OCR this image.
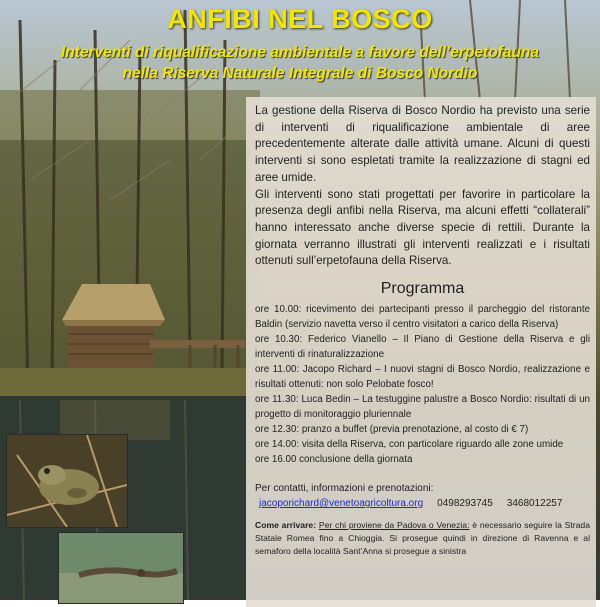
ANFIBI NEL BOSCO
Interventi di riqualificazione ambientale a favore dell’erpetofauna
nella Riserva Naturale Integrale di Bosco Nordio

La gestione della Riserva di Bosco Nordio ha previsto una serie di interventi di riqualificazione ambientale di aree precedentemente alterate dalle attività umane. Alcuni di questi interventi si sono espletati tramite la realizzazione di stagni ed aree umide.

Gli interventi sono stati progettati per favorire in particolare la presenza degli anfibi nella Riserva, ma alcuni effetti “collaterali” hanno interessato anche diverse specie di rettili. Durante la giornata verranno illustrati gli interventi realizzati e i risultati ottenuti sull’erpetofauna della Riserva.

Programma
ore 10.00: ricevimento dei partecipanti presso il parcheggio del ristorante Baldin (servizio navetta verso il centro visitatori a carico della Riserva)
ore 10.30: Federico Vianello – Il Piano di Gestione della Riserva e gli interventi di rinaturalizzazione
ore 11.00: Jacopo Richard – I nuovi stagni di Bosco Nordio, realizzazione e risultati ottenuti: non solo Pelobate fosco!
ore 11.30: Luca Bedin – La testuggine palustre a Bosco Nordio: risultati di un progetto di monitoraggio pluriennale
ore 12.30: pranzo a buffet (previa prenotazione, al costo di € 7)
ore 14.00: visita della Riserva, con particolare riguardo alle zone umide
ore 16.00 conclusione della giornata
Per contatti, informazioni e prenotazioni:
jacoporichard@venetoagricoltura.org 0498293745 3468012257
Come arrivare: Per chi proviene da Padova o Venezia: è necessario seguire la Strada Statale Romea fino a Chioggia. Si prosegue quindi in direzione di Ravenna e al semaforo della località Sant’Anna si prosegue a sinistra
